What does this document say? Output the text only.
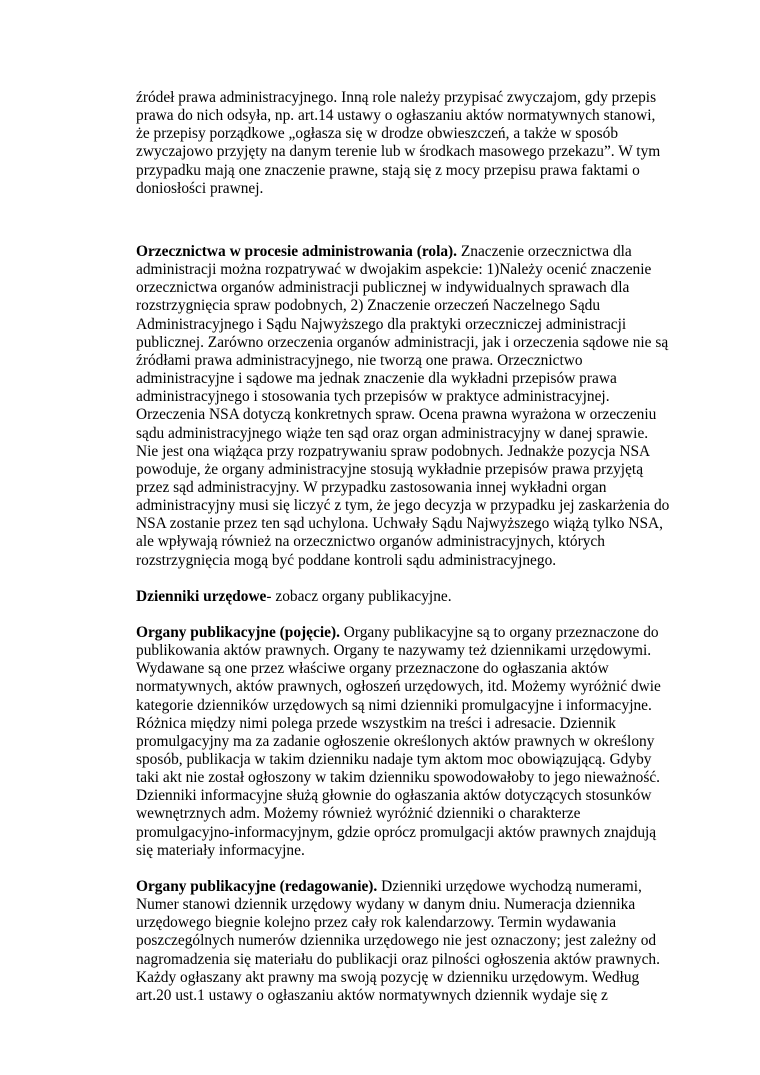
źródeł prawa administracyjnego. Inną role należy przypisać zwyczajom, gdy przepis
prawa do nich odsyła, np. art.14 ustawy o ogłaszaniu aktów normatywnych stanowi,
że przepisy porządkowe „ogłasza się w drodze obwieszczeń, a także w sposób
zwyczajowo przyjęty na danym terenie lub w środkach masowego przekazu”. W tym
przypadku mają one znaczenie prawne, stają się z mocy przepisu prawa faktami o
doniosłości prawnej.

Orzecznictwa w procesie administrowania (rola). Znaczenie orzecznictwa dla
administracji można rozpatrywać w dwojakim aspekcie: 1)Należy ocenić znaczenie
orzecznictwa organów administracji publicznej w indywidualnych sprawach dla
rozstrzygnięcia spraw podobnych, 2) Znaczenie orzeczeń Naczelnego Sądu
Administracyjnego i Sądu Najwyższego dla praktyki orzeczniczej administracji
publicznej. Zarówno orzeczenia organów administracji, jak i orzeczenia sądowe nie są
źródłami prawa administracyjnego, nie tworzą one prawa. Orzecznictwo
administracyjne i sądowe ma jednak znaczenie dla wykładni przepisów prawa
administracyjnego i stosowania tych przepisów w praktyce administracyjnej.
Orzeczenia NSA dotyczą konkretnych spraw. Ocena prawna wyrażona w orzeczeniu
sądu administracyjnego wiąże ten sąd oraz organ administracyjny w danej sprawie.
Nie jest ona wiążąca przy rozpatrywaniu spraw podobnych. Jednakże pozycja NSA
powoduje, że organy administracyjne stosują wykładnie przepisów prawa przyjętą
przez sąd administracyjny. W przypadku zastosowania innej wykładni organ
administracyjny musi się liczyć z tym, że jego decyzja w przypadku jej zaskarżenia do
NSA zostanie przez ten sąd uchylona. Uchwały Sądu Najwyższego wiążą tylko NSA,
ale wpływają również na orzecznictwo organów administracyjnych, których
rozstrzygnięcia mogą być poddane kontroli sądu administracyjnego.

Dzienniki urzędowe- zobacz organy publikacyjne.

Organy publikacyjne (pojęcie). Organy publikacyjne są to organy przeznaczone do
publikowania aktów prawnych. Organy te nazywamy też dziennikami urzędowymi.
Wydawane są one przez właściwe organy przeznaczone do ogłaszania aktów
normatywnych, aktów prawnych, ogłoszeń urzędowych, itd. Możemy wyróżnić dwie
kategorie dzienników urzędowych są nimi dzienniki promulgacyjne i informacyjne.
Różnica między nimi polega przede wszystkim na treści i adresacie. Dziennik
promulgacyjny ma za zadanie ogłoszenie określonych aktów prawnych w określony
sposób, publikacja w takim dzienniku nadaje tym aktom moc obowiązującą. Gdyby
taki akt nie został ogłoszony w takim dzienniku spowodowałoby to jego nieważność.
Dzienniki informacyjne służą głownie do ogłaszania aktów dotyczących stosunków
wewnętrznych adm. Możemy również wyróżnić dzienniki o charakterze
promulgacyjno-informacyjnym, gdzie oprócz promulgacji aktów prawnych znajdują
się materiały informacyjne.

Organy publikacyjne (redagowanie). Dzienniki urzędowe wychodzą numerami,
Numer stanowi dziennik urzędowy wydany w danym dniu. Numeracja dziennika
urzędowego biegnie kolejno przez cały rok kalendarzowy. Termin wydawania
poszczególnych numerów dziennika urzędowego nie jest oznaczony; jest zależny od
nagromadzenia się materiału do publikacji oraz pilności ogłoszenia aktów prawnych.
Każdy ogłaszany akt prawny ma swoją pozycję w dzienniku urzędowym. Według
art.20 ust.1 ustawy o ogłaszaniu aktów normatywnych dziennik wydaje się z
